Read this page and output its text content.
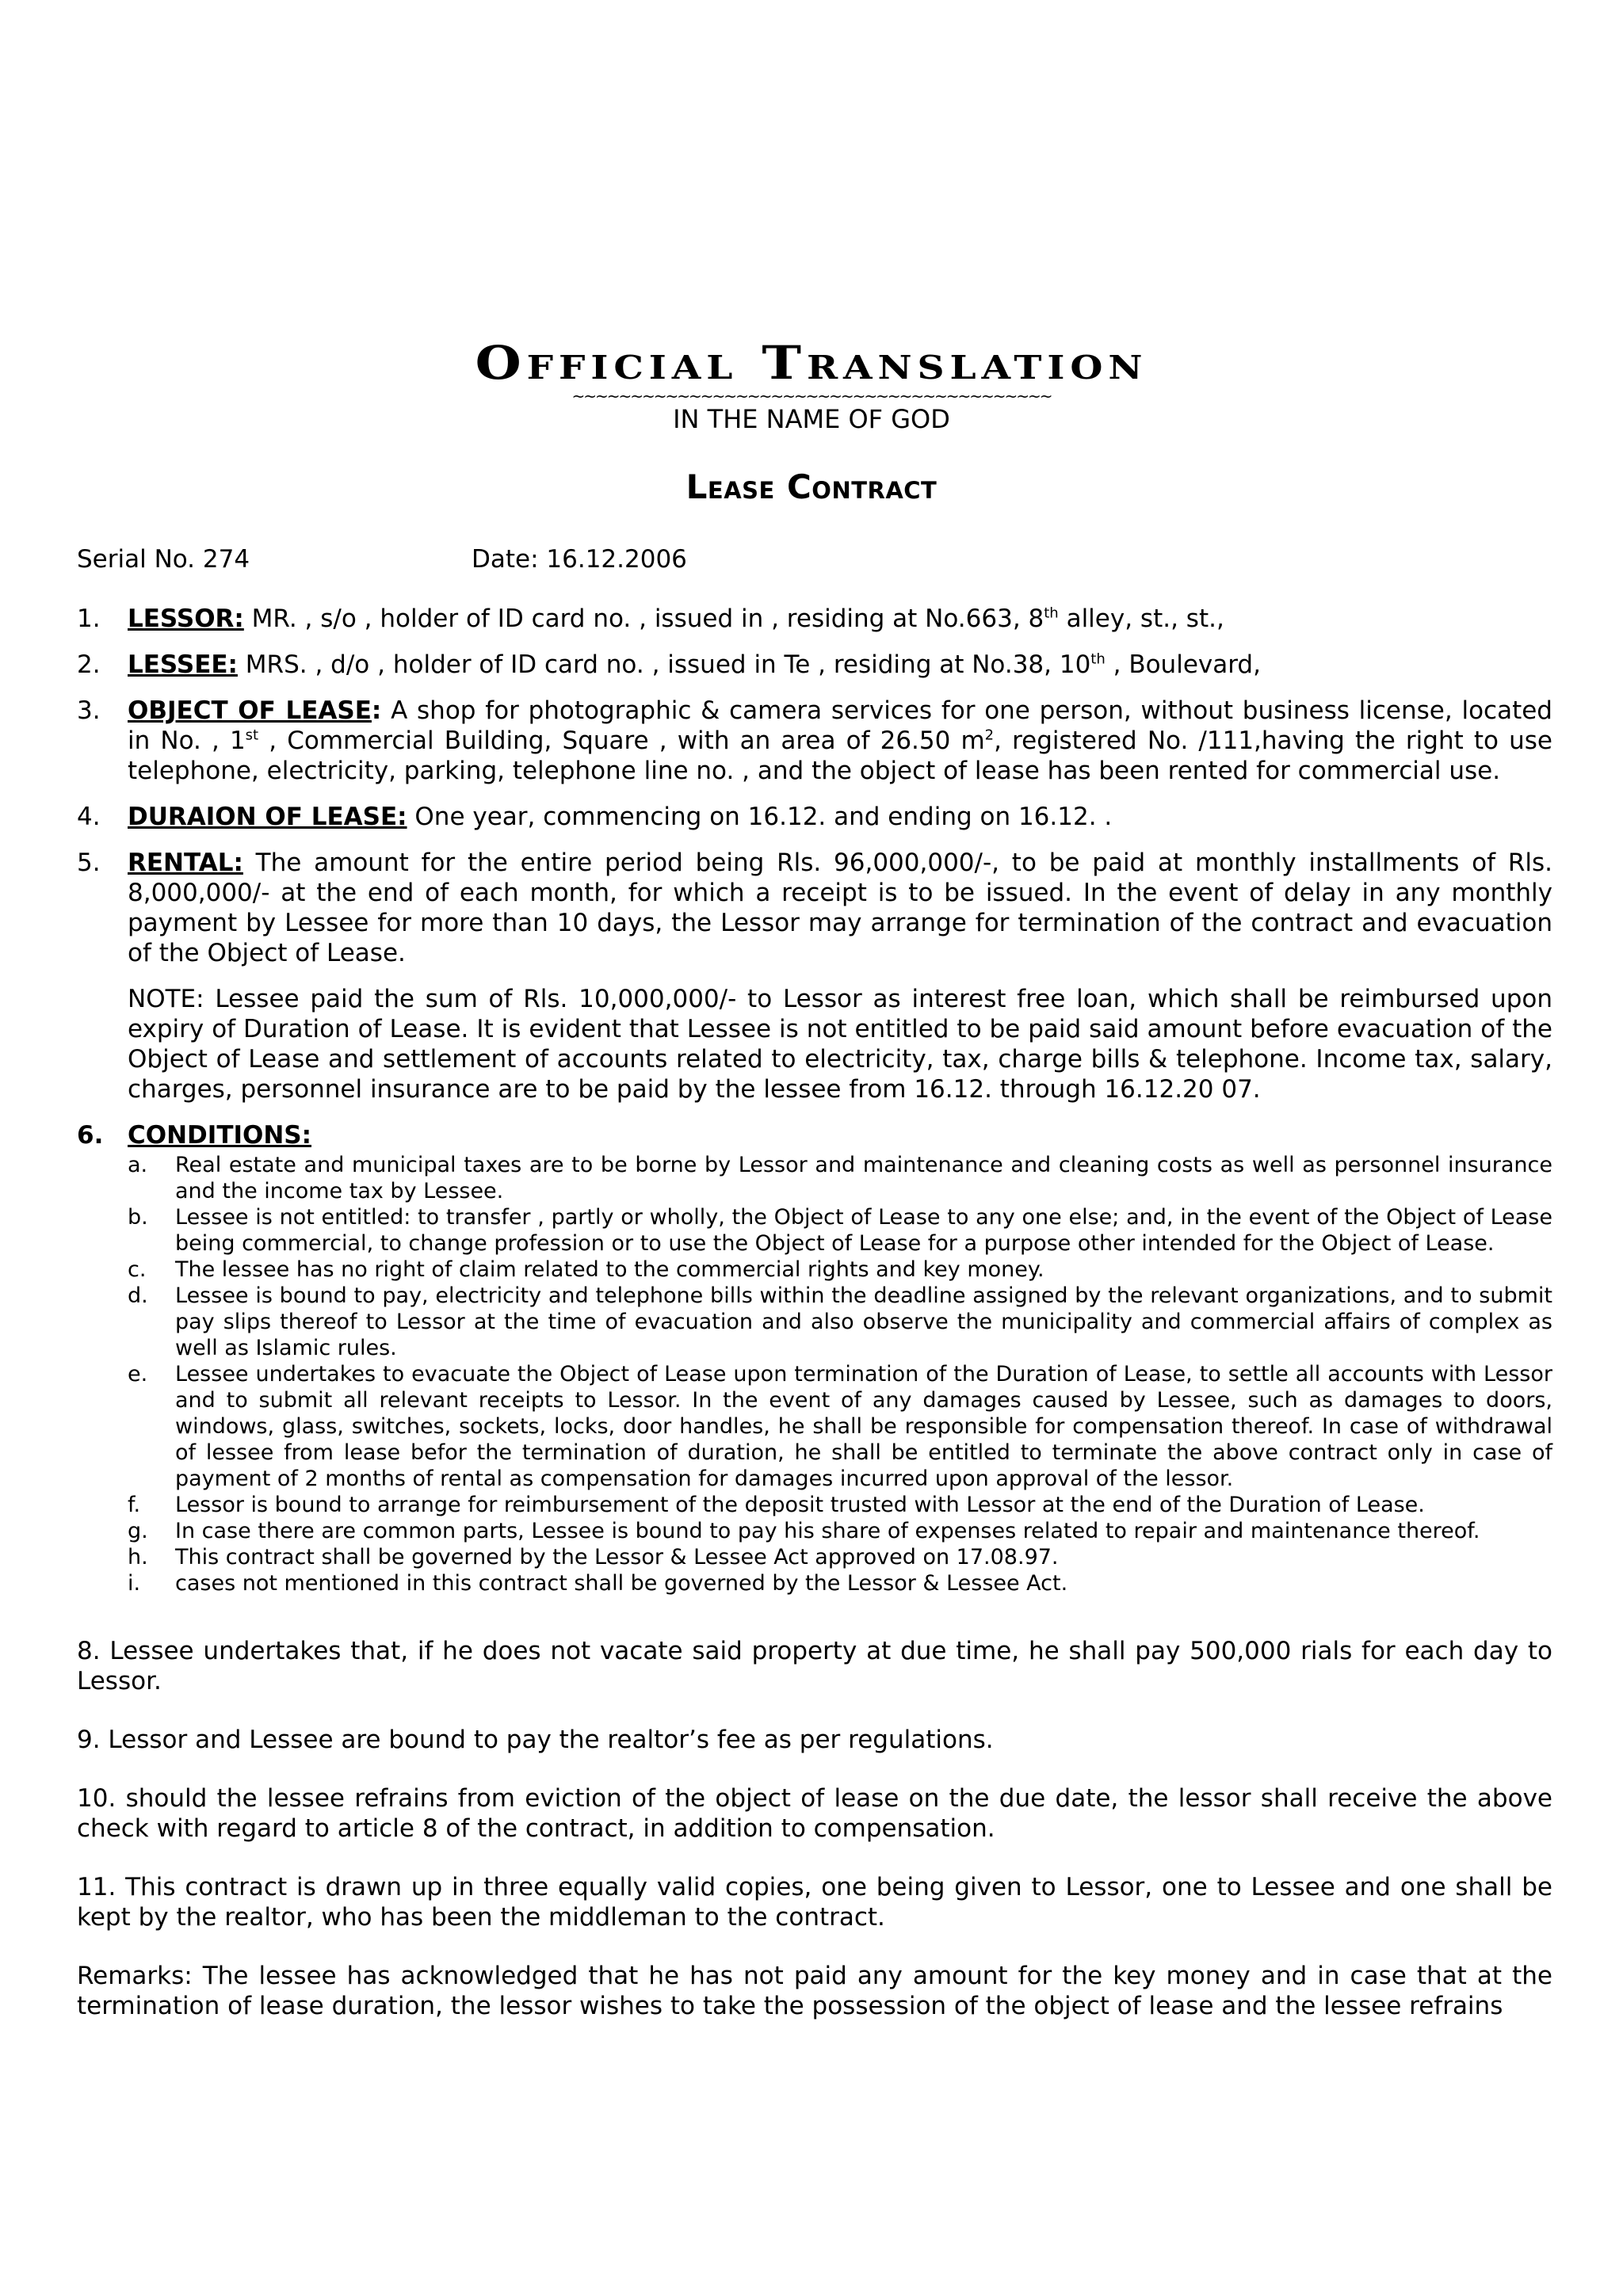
Official Translation
~~~~~~~~~~~~~~~~~~~~~~~~~~~~~~~~~~~~~~~~~
IN THE NAME OF GOD
Lease Contract
Serial No. 274	Date: 16.12.2006
1. LESSOR: MR. , s/o , holder of ID card no. , issued in , residing at No.663, 8th alley, st., st.,
2. LESSEE: MRS. , d/o , holder of ID card no. , issued in Te , residing at No.38, 10th , Boulevard,
3. OBJECT OF LEASE: A shop for photographic & camera services for one person, without business license, located in No. , 1st , Commercial Building, Square , with an area of 26.50 $m^2$, registered No. /111,having the right to use telephone, electricity, parking, telephone line no. , and the object of lease has been rented for commercial use.
4. DURAION OF LEASE: One year, commencing on 16.12. and ending on 16.12. .
5. RENTAL: The amount for the entire period being Rls. 96,000,000/-, to be paid at monthly installments of Rls. 8,000,000/- at the end of each month, for which a receipt is to be issued. In the event of delay in any monthly payment by Lessee for more than 10 days, the Lessor may arrange for termination of the contract and evacuation of the Object of Lease.
NOTE: Lessee paid the sum of Rls. 10,000,000/- to Lessor as interest free loan, which shall be reimbursed upon expiry of Duration of Lease. It is evident that Lessee is not entitled to be paid said amount before evacuation of the Object of Lease and settlement of accounts related to electricity, tax, charge bills & telephone. Income tax, salary, charges, personnel insurance are to be paid by the lessee from 16.12. through 16.12.20 07.
6. CONDITIONS:
a. Real estate and municipal taxes are to be borne by Lessor and maintenance and cleaning costs as well as personnel insurance and the income tax by Lessee.
b. Lessee is not entitled: to transfer , partly or wholly, the Object of Lease to any one else; and, in the event of the Object of Lease being commercial, to change profession or to use the Object of Lease for a purpose other intended for the Object of Lease.
c. The lessee has no right of claim related to the commercial rights and key money.
d. Lessee is bound to pay, electricity and telephone bills within the deadline assigned by the relevant organizations, and to submit pay slips thereof to Lessor at the time of evacuation and also observe the municipality and commercial affairs of complex as well as Islamic rules.
e. Lessee undertakes to evacuate the Object of Lease upon termination of the Duration of Lease, to settle all accounts with Lessor and to submit all relevant receipts to Lessor. In the event of any damages caused by Lessee, such as damages to doors, windows, glass, switches, sockets, locks, door handles, he shall be responsible for compensation thereof. In case of withdrawal of lessee from lease befor the termination of duration, he shall be entitled to terminate the above contract only in case of payment of 2 months of rental as compensation for damages incurred upon approval of the lessor.
f. Lessor is bound to arrange for reimbursement of the deposit trusted with Lessor at the end of the Duration of Lease.
g. In case there are common parts, Lessee is bound to pay his share of expenses related to repair and maintenance thereof.
h. This contract shall be governed by the Lessor & Lessee Act approved on 17.08.97.
i. cases not mentioned in this contract shall be governed by the Lessor & Lessee Act.
8. Lessee undertakes that, if he does not vacate said property at due time, he shall pay 500,000 rials for each day to Lessor.
9. Lessor and Lessee are bound to pay the realtor’s fee as per regulations.
10. should the lessee refrains from eviction of the object of lease on the due date, the lessor shall receive the above check with regard to article 8 of the contract, in addition to compensation.
11. This contract is drawn up in three equally valid copies, one being given to Lessor, one to Lessee and one shall be kept by the realtor, who has been the middleman to the contract.
Remarks: The lessee has acknowledged that he has not paid any amount for the key money and in case that at the termination of lease duration, the lessor wishes to take the possession of the object of lease and the lessee refrains
